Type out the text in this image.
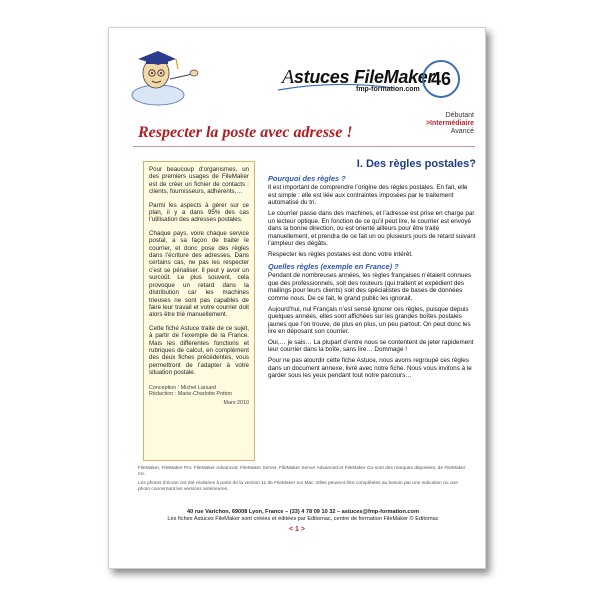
Astuces FileMaker
fmp-formation.com
46
Débutant
>Intermédiaire
Avancé
Respecter la poste avec adresse !

Pour beaucoup d’organismes, un des premiers usages de FileMaker est de créer un fichier de contacts : clients, fournisseurs, adhérents,…

Parmi les aspects à gérer sur ce plan, il y a dans 95% des cas l’utilisation des adresses postales.

Chaque pays, voire chaque service postal, a sa façon de traiter le courrier, et donc pose des règles dans l’écriture des adresses. Dans certains cas, ne pas les respecter c’est se pénaliser. Il peut y avoir un surcoût. Le plus souvent, cela provoque un retard dans la distribution car les machines trieuses ne sont pas capables de faire leur travail et votre courrier doit alors être trié manuellement.

Cette fiche Astuce traite de ce sujet, à partir de l’exemple de la France. Mais les différentes fonctions et rubriques de calcul, en complément des deux fiches précédentes, vous permettront de l’adapter à votre situation postale.

Conception : Michel Larsard
Rédaction : Marie-Charlotte Potton
Mars 2010
I. Des règles postales?
Pourquoi des règles ?

Il est important de comprendre l’origine des règles postales. En fait, elle est simple : elle est liée aux contraintes imposées par le traitement automatisé du tri.

Le courrier passe dans des machines, et l’adresse est prise en charge par un lecteur optique. En fonction de ce qu’il peut lire, le courrier est envoyé dans la bonne direction, ou est orienté ailleurs pour être traité manuellement, et prendra de ce fait un ou plusieurs jours de retard suivant l’ampleur des dégâts.

Respecter les règles postales est donc votre intérêt.

Quelles règles (exemple en France) ?

Pendant de nombreuses années, les règles françaises n’étaient connues que des professionnels, soit des routeurs (qui traitent et expédient des mailings pour leurs clients) soit des spécialistes de bases de données comme nous. De ce fait, le grand public les ignorait.

Aujourd’hui, nul Français n’est sensé ignorer ces règles, puisque depuis quelques années, elles sont affichées sur les grandes boîtes postales jaunes que l’on trouve, de plus en plus, un peu partout. On peut donc les lire en déposant son courrier.

Oui,… je sais… La plupart d’entre nous se contentent de jeter rapidement leur courrier dans la boîte, sans lire… Dommage !

Pour ne pas alourdir cette fiche Astuce, nous avons regroupé ces règles dans un document annexe, livré avec notre fiche. Nous vous invitons à le garder sous les yeux pendant tout notre parcours…

FileMaker, FileMaker Pro, FileMaker Advanced, FileMaker Server, FileMaker Server Advanced et FileMaker Go sont des marques déposées, de FileMaker Inc.

Les photos d’écran ont été réalisées à partir de la version 11 de FileMaker sur Mac. Elles peuvent être complétées au besoin par une indication ou une photo concernant les versions antérieures.

40 rue Varichon, 69008 Lyon, France – (33) 4 78 09 10 32 – astuces@fmp-formation.com
Les fiches Astuces FileMaker sont créées et éditées par Editomac, centre de formation FileMaker © Editomac
< 1 >
